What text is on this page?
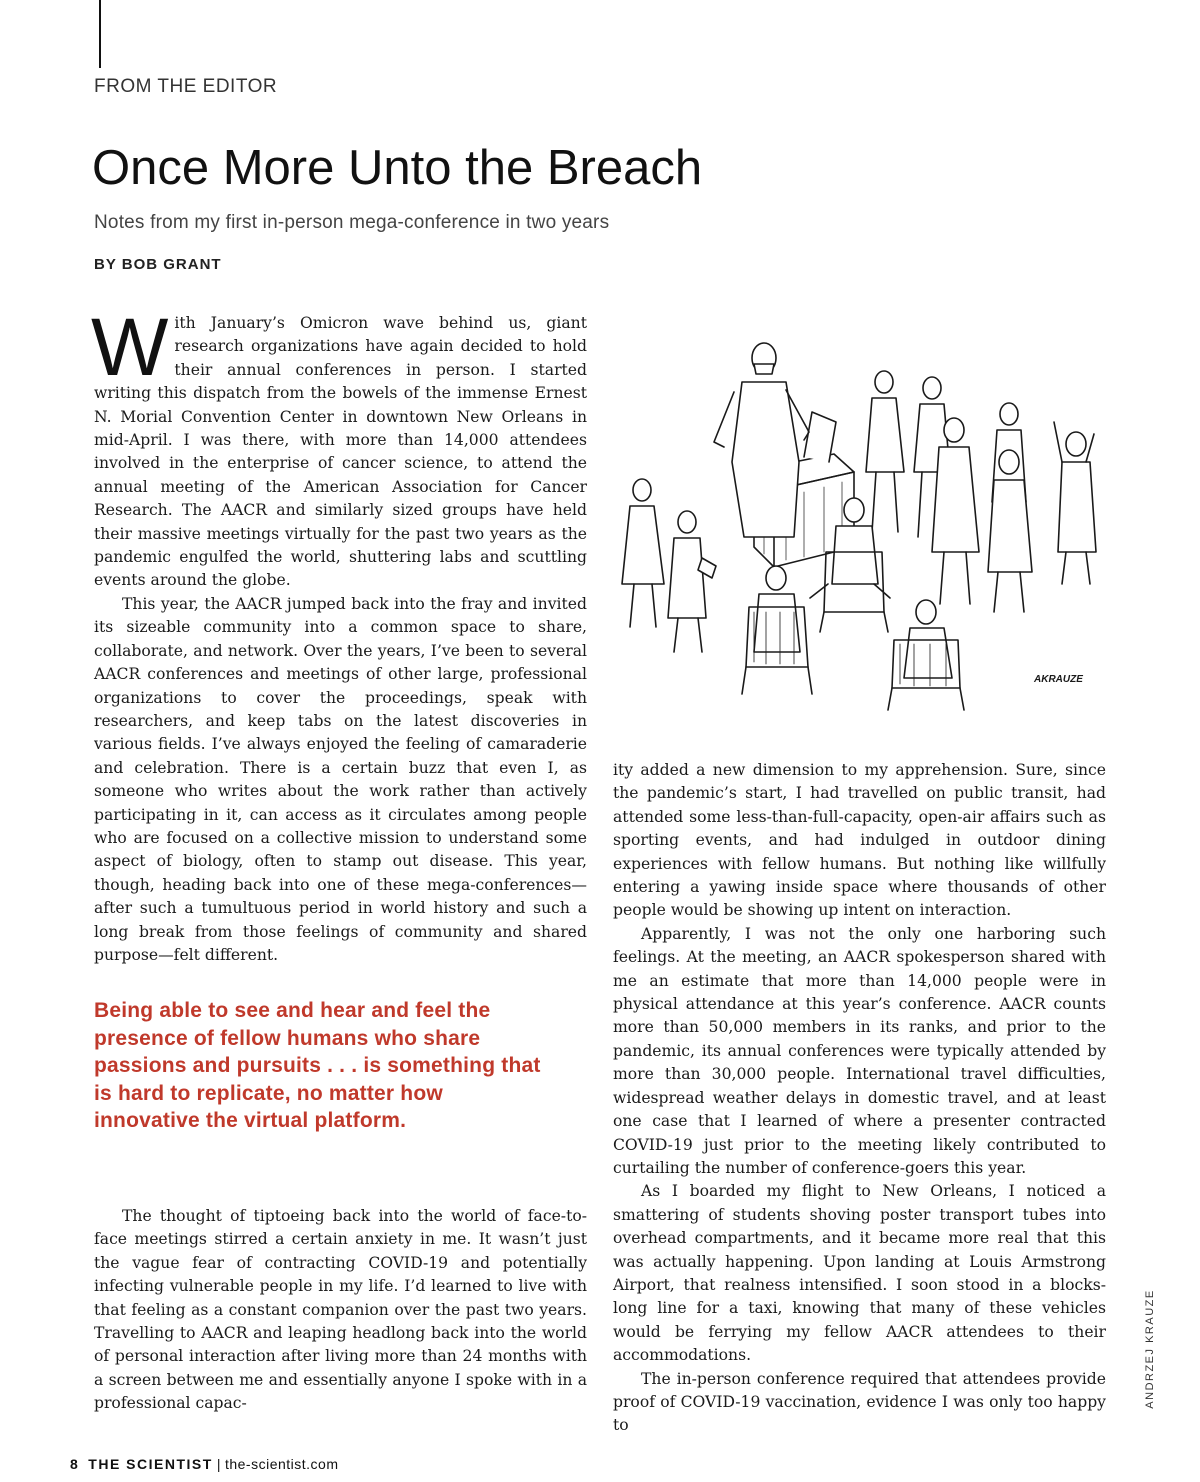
FROM THE EDITOR
Once More Unto the Breach
Notes from my first in-person mega-conference in two years
BY BOB GRANT

With January’s Omicron wave behind us, giant research organizations have again decided to hold their annual conferences in person. I started writing this dispatch from the bowels of the immense Ernest N. Morial Convention Center in downtown New Orleans in mid-April. I was there, with more than 14,000 attendees involved in the enterprise of cancer science, to attend the annual meeting of the American Association for Cancer Research. The AACR and similarly sized groups have held their massive meetings virtually for the past two years as the pandemic engulfed the world, shuttering labs and scuttling events around the globe.

This year, the AACR jumped back into the fray and invited its sizeable community into a common space to share, collaborate, and network. Over the years, I’ve been to several AACR conferences and meetings of other large, professional organizations to cover the proceedings, speak with researchers, and keep tabs on the latest discoveries in various fields. I’ve always enjoyed the feeling of camaraderie and celebration. There is a certain buzz that even I, as someone who writes about the work rather than actively participating in it, can access as it circulates among people who are focused on a collective mission to understand some aspect of biology, often to stamp out disease. This year, though, heading back into one of these mega-conferences—after such a tumultuous period in world history and such a long break from those feelings of community and shared purpose—felt different.

Being able to see and hear and feel the presence of fellow humans who share passions and pursuits . . . is something that is hard to replicate, no matter how innovative the virtual platform.

The thought of tiptoeing back into the world of face-to-face meetings stirred a certain anxiety in me. It wasn’t just the vague fear of contracting COVID-19 and potentially infecting vulnerable people in my life. I’d learned to live with that feeling as a constant companion over the past two years. Travelling to AACR and leaping headlong back into the world of personal interaction after living more than 24 months with a screen between me and essentially anyone I spoke with in a professional capac-

AKRAUZE

ity added a new dimension to my apprehension. Sure, since the pandemic’s start, I had travelled on public transit, had attended some less-than-full-capacity, open-air affairs such as sporting events, and had indulged in outdoor dining experiences with fellow humans. But nothing like willfully entering a yawing inside space where thousands of other people would be showing up intent on interaction.

Apparently, I was not the only one harboring such feelings. At the meeting, an AACR spokesperson shared with me an estimate that more than 14,000 people were in physical attendance at this year’s conference. AACR counts more than 50,000 members in its ranks, and prior to the pandemic, its annual conferences were typically attended by more than 30,000 people. International travel difficulties, widespread weather delays in domestic travel, and at least one case that I learned of where a presenter contracted COVID-19 just prior to the meeting likely contributed to curtailing the number of conference-goers this year.

As I boarded my flight to New Orleans, I noticed a smattering of students shoving poster transport tubes into overhead compartments, and it became more real that this was actually happening. Upon landing at Louis Armstrong Airport, that realness intensified. I soon stood in a blocks-long line for a taxi, knowing that many of these vehicles would be ferrying my fellow AACR attendees to their accommodations.

The in-person conference required that attendees provide proof of COVID-19 vaccination, evidence I was only too happy to

ANDRZEJ KRAUZE
8 THE SCIENTIST | the-scientist.com
